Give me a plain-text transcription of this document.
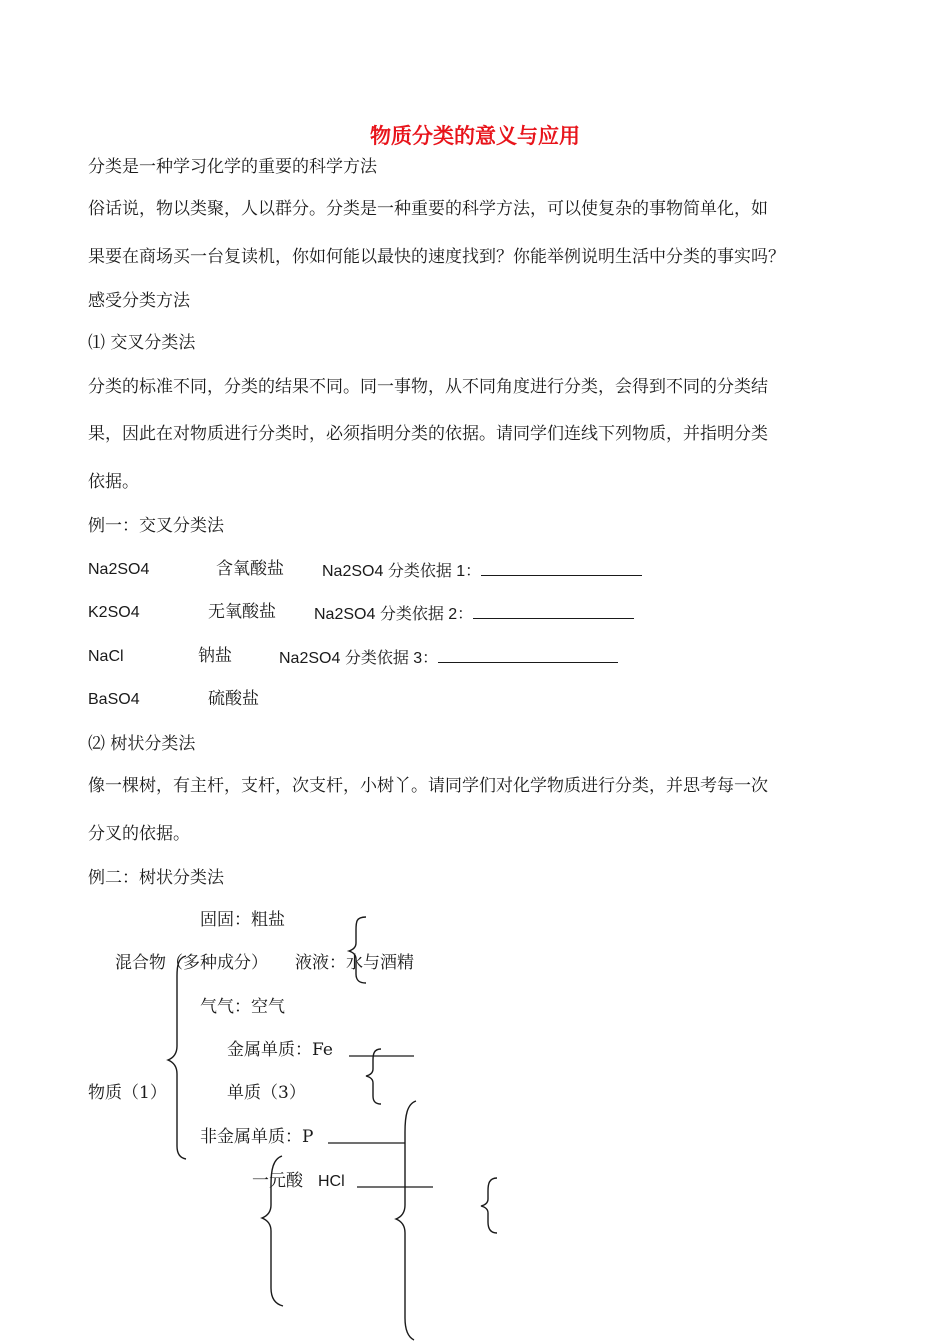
物质分类的意义与应用
分类是一种学习化学的重要的科学方法
俗话说，物以类聚，人以群分。分类是一种重要的科学方法，可以使复杂的事物简单化，如
果要在商场买一台复读机，你如何能以最快的速度找到？你能举例说明生活中分类的事实吗？
感受分类方法
⑴ 交叉分类法
分类的标准不同，分类的结果不同。同一事物，从不同角度进行分类，会得到不同的分类结
果，因此在对物质进行分类时，必须指明分类的依据。请同学们连线下列物质，并指明分类
依据。
例一：交叉分类法
Na2SO4	含氧酸盐 Na2SO4 分类依据 1：
K2SO4	无氧酸盐 Na2SO4 分类依据 2：
NaCl	钠盐	Na2SO4 分类依据 3：
BaSO4	硫酸盐
⑵ 树状分类法
像一棵树，有主杆，支杆，次支杆，小树丫。请同学们对化学物质进行分类，并思考每一次
分叉的依据。
例二：树状分类法
固固：粗盐
混合物（多种成分） 液液：水与酒精
气气：空气
金属单质：Fe
物质（1）	单质（3）
非金属单质：P
一元酸 HCl
